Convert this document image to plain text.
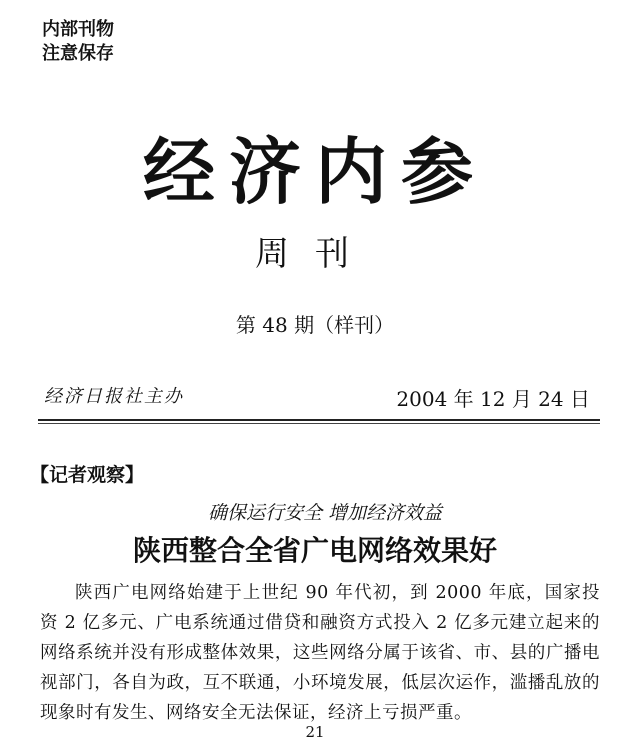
内部刊物
注意保存
经济内参
周刊
第 48 期（样刊）
经济日报社主办	2004 年 12 月 24 日
【记者观察】
确保运行安全 增加经济效益
陕西整合全省广电网络效果好

陕西广电网络始建于上世纪 90 年代初，到 2000 年底，国家投资 2 亿多元、广电系统通过借贷和融资方式投入 2 亿多元建立起来的网络系统并没有形成整体效果，这些网络分属于该省、市、县的广播电视部门，各自为政，互不联通，小环境发展，低层次运作，滥播乱放的现象时有发生、网络安全无法保证，经济上亏损严重。

21
